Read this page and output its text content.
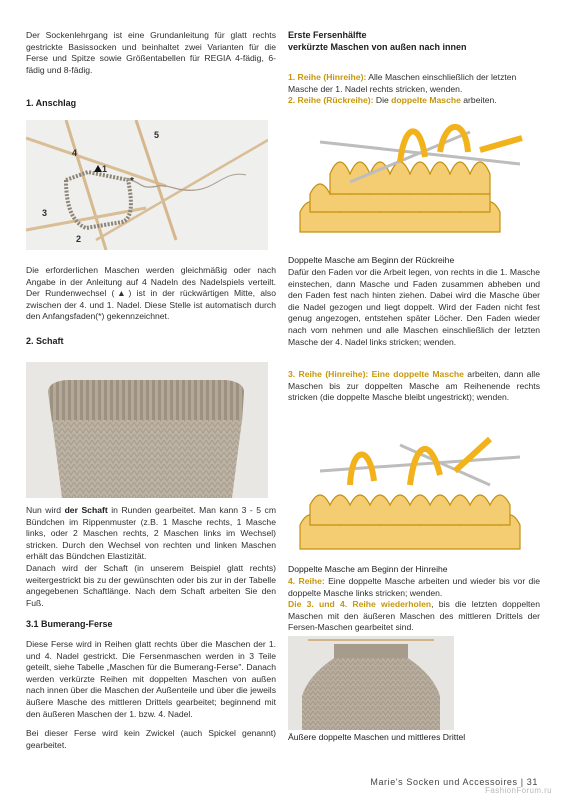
Der Sockenlehrgang ist eine Grundanleitung für glatt rechts gestrickte Basissocken und beinhaltet zwei Varianten für die Ferse und Spitze sowie Größentabellen für REGIA 4-fädig, 6-fädig und 8-fädig.

1. Anschlag

5
4
1
*
3
2

Die erforderlichen Maschen werden gleichmäßig oder nach Angabe in der Anleitung auf 4 Nadeln des Nadelspiels verteilt. Der Rundenwechsel (▲) ist in der rückwärtigen Mitte, also zwischen der 4. und 1. Nadel. Diese Stelle ist automatisch durch den Anfangsfaden(*) gekennzeichnet.

2. Schaft

Nun wird der Schaft in Runden gearbeitet. Man kann 3 - 5 cm Bündchen im Rippenmuster (z.B. 1 Masche rechts, 1 Masche links, oder 2 Maschen rechts, 2 Maschen links im Wechsel) stricken. Durch den Wechsel von rechten und linken Maschen erhält das Bündchen Elastizität.

Danach wird der Schaft (in unserem Beispiel glatt rechts) weitergestrickt bis zu der gewünschten oder bis zur in der Tabelle angegebenen Schaftlänge. Nach dem Schaft arbeiten Sie den Fuß.

3.1 Bumerang-Ferse

Diese Ferse wird in Reihen glatt rechts über die Maschen der 1. und 4. Nadel gestrickt. Die Fersenmaschen werden in 3 Teile geteilt, siehe Tabelle „Maschen für die Bumerang-Ferse". Danach werden verkürzte Reihen mit doppelten Maschen von außen nach innen über die Maschen der Außenteile und über die jeweils äußere Masche des mittleren Drittels gearbeitet; beginnend mit den äußeren Maschen der 1. bzw. 4. Nadel.

Bei dieser Ferse wird kein Zwickel (auch Spickel genannt) gearbeitet.

Erste Fersenhälfte

verkürzte Maschen von außen nach innen

1. Reihe (Hinreihe): Alle Maschen einschließlich der letzten Masche der 1. Nadel rechts stricken, wenden.

2. Reihe (Rückreihe): Die doppelte Masche arbeiten.

Doppelte Masche am Beginn der Rückreihe

Dafür den Faden vor die Arbeit legen, von rechts in die 1. Masche einstechen, dann Masche und Faden zusammen abheben und den Faden fest nach hinten ziehen. Dabei wird die Masche über die Nadel gezogen und liegt doppelt. Wird der Faden nicht fest genug angezogen, entstehen später Löcher. Den Faden wieder nach vorn nehmen und alle Maschen einschließlich der letzten Masche der 4. Nadel links stricken; wenden.

3. Reihe (Hinreihe): Eine doppelte Masche arbeiten, dann alle Maschen bis zur doppelten Masche am Reihenende rechts stricken (die doppelte Masche bleibt ungestrickt); wenden.

Doppelte Masche am Beginn der Hinreihe

4. Reihe: Eine doppelte Masche arbeiten und wieder bis vor die doppelte Masche links stricken; wenden.

Die 3. und 4. Reihe wiederholen, bis die letzten doppelten Maschen mit den äußeren Maschen des mittleren Drittels der Fersen-Maschen gearbeitet sind.

Äußere doppelte Maschen und mittleres Drittel

Marie's Socken und Accessoires | 31
FashionForum.ru
